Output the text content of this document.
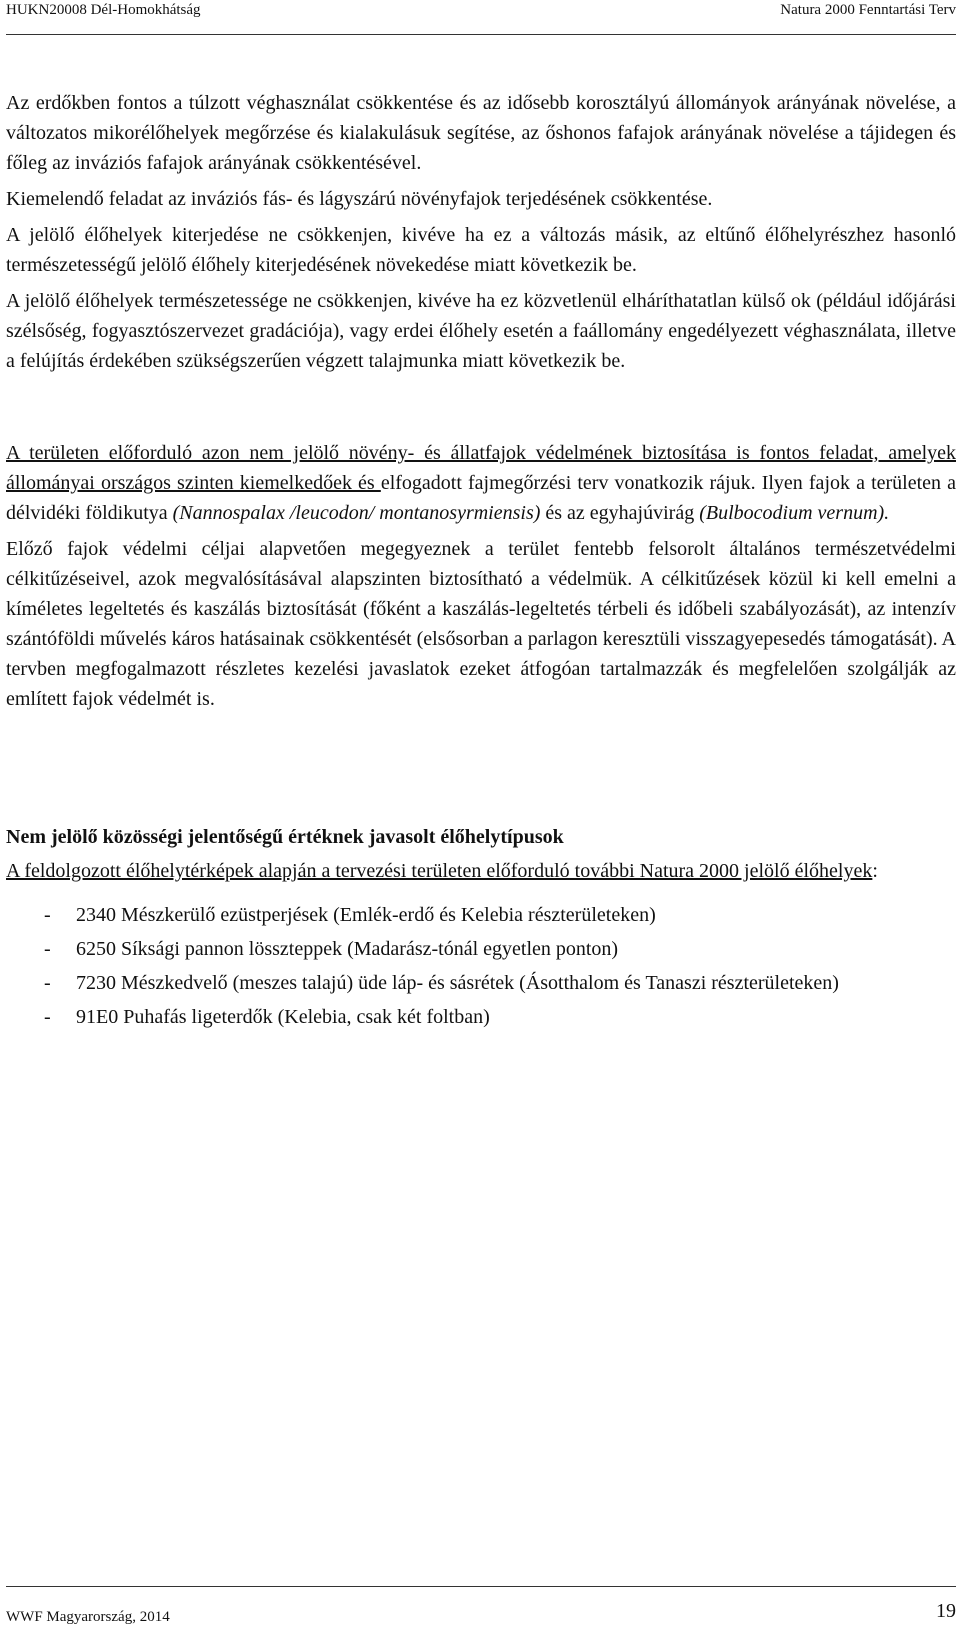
HUKN20008 Dél-Homokhátság	Natura 2000 Fenntartási Terv

Az erdőkben fontos a túlzott véghasználat csökkentése és az idősebb korosztályú állományok arányának növelése, a változatos mikorélőhelyek megőrzése és kialakulásuk segítése, az őshonos fafajok arányának növelése a tájidegen és főleg az inváziós fafajok arányának csökkentésével.

Kiemelendő feladat az inváziós fás- és lágyszárú növényfajok terjedésének csökkentése.

A jelölő élőhelyek kiterjedése ne csökkenjen, kivéve ha ez a változás másik, az eltűnő élőhelyrészhez hasonló természetességű jelölő élőhely kiterjedésének növekedése miatt következik be.

A jelölő élőhelyek természetessége ne csökkenjen, kivéve ha ez közvetlenül elháríthatatlan külső ok (például időjárási szélsőség, fogyasztószervezet gradációja), vagy erdei élőhely esetén a faállomány engedélyezett véghasználata, illetve a felújítás érdekében szükségszerűen végzett talajmunka miatt következik be.

A területen előforduló azon nem jelölő növény- és állatfajok védelmének biztosítása is fontos feladat, amelyek állományai országos szinten kiemelkedőek és elfogadott fajmegőrzési terv vonatkozik rájuk. Ilyen fajok a területen a délvidéki földikutya (Nannospalax /leucodon/ montanosyrmiensis) és az egyhajúvirág (Bulbocodium vernum).

Előző fajok védelmi céljai alapvetően megegyeznek a terület fentebb felsorolt általános természetvédelmi célkitűzéseivel, azok megvalósításával alapszinten biztosítható a védelmük. A célkitűzések közül ki kell emelni a kíméletes legeltetés és kaszálás biztosítását (főként a kaszálás-legeltetés térbeli és időbeli szabályozását), az intenzív szántóföldi művelés káros hatásainak csökkentését (elsősorban a parlagon keresztüli visszagyepesedés támogatását). A tervben megfogalmazott részletes kezelési javaslatok ezeket átfogóan tartalmazzák és megfelelően szolgálják az említett fajok védelmét is.

Nem jelölő közösségi jelentőségű értéknek javasolt élőhelytípusok

A feldolgozott élőhelytérképek alapján a tervezési területen előforduló további Natura 2000 jelölő élőhelyek:

- 2340 Mészkerülő ezüstperjések (Emlék-erdő és Kelebia részterületeken)
- 6250 Síksági pannon lösszteppek (Madarász-tónál egyetlen ponton)
- 7230 Mészkedvelő (meszes talajú) üde láp- és sásrétek (Ásotthalom és Tanaszi részterületeken)
- 91E0 Puhafás ligeterdők (Kelebia, csak két foltban)
WWF Magyarország, 2014	19
